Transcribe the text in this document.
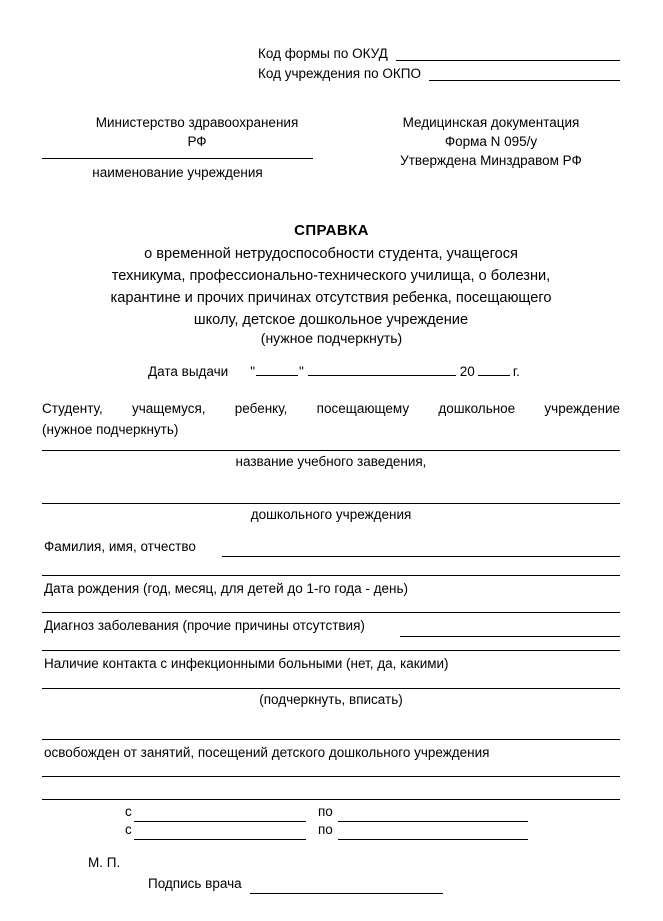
Код формы по ОКУД
Код учреждения по ОКПО
Министерство здравоохранения
РФ
наименование учреждения
Медицинская документация
Форма N 095/у
Утверждена Минздравом РФ
СПРАВКА
о временной нетрудоспособности студента, учащегося
техникума, профессионально-технического училища, о болезни,
карантине и прочих причинах отсутствия ребенка, посещающего
школу, детское дошкольное учреждение
(нужное подчеркнуть)
Дата выдачи "	"	20	г.
Студенту, учащемуся, ребенку, посещающему дошкольное учреждение
(нужное подчеркнуть)
название учебного заведения,
дошкольного учреждения
Фамилия, имя, отчество
Дата рождения (год, месяц, для детей до 1-го года - день)
Диагноз заболевания (прочие причины отсутствия)
Наличие контакта с инфекционными больными (нет, да, какими)
(подчеркнуть, вписать)
освобожден от занятий, посещений детского дошкольного учреждения
с	по
с	по
М. П.
Подпись врача
